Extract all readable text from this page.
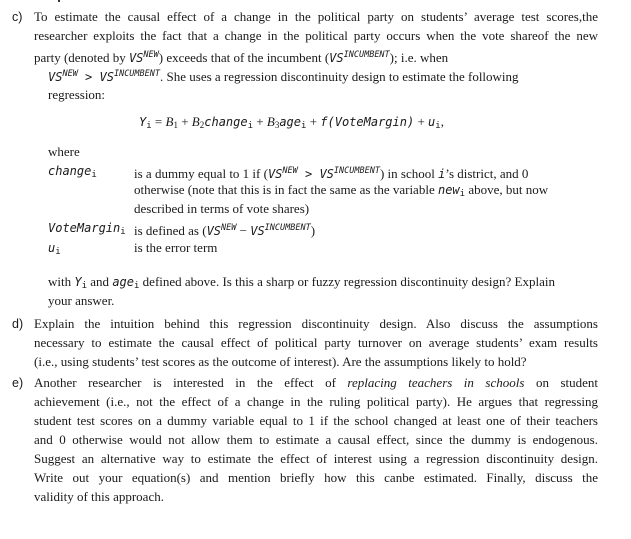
c) To estimate the causal effect of a change in the political party on students’ average test scores,the
researcher exploits the fact that a change in the political party occurs when the vote shareof the new
party (denoted by $VS^{NEW}$) exceeds that of the incumbent $(VS^{INCUMBENT})$; i.e. when
$VS^{NEW} > VS^{INCUMBENT}$. She uses a regression discontinuity design to estimate the following
regression:
$Y_i = B_1$ + $B_2change_i + B_3age_i$ + f(VoteMargin) + $u_i$,
where
change$_i$	is a dummy equal to 1 if $(VS^{NEW} > VS^{INCUMBENT})$ in school i’s district, and 0
otherwise (note that this is in fact the same as the variable new$_i$ above, but now
described in terms of vote shares)
VoteMargin$_i$ is defined as $(VS^{NEW} - VS^{INCUMBENT})$
$u_i$	is the error term
with $Y_i$ and age$_i$ defined above. Is this a sharp or fuzzy regression discontinuity design? Explain
your answer.
d) Explain the intuition behind this regression discontinuity design. Also discuss the assumptions
necessary to estimate the causal effect of political party turnover on average students’ exam results
(i.e., using students’ test scores as the outcome of interest). Are the assumptions likely to hold?
e) Another researcher is interested in the effect of replacing teachers in schools on student
achievement (i.e., not the effect of a change in the ruling political party). He argues that regressing
student test scores on a dummy variable equal to 1 if the school changed at least one of their teachers
and 0 otherwise would not allow them to estimate a causal effect, since the dummy is endogenous.
Suggest an alternative way to estimate the effect of interest using a regression discontinuity design.
Write out your equation(s) and mention briefly how this canbe estimated. Finally, discuss the
validity of this approach.
